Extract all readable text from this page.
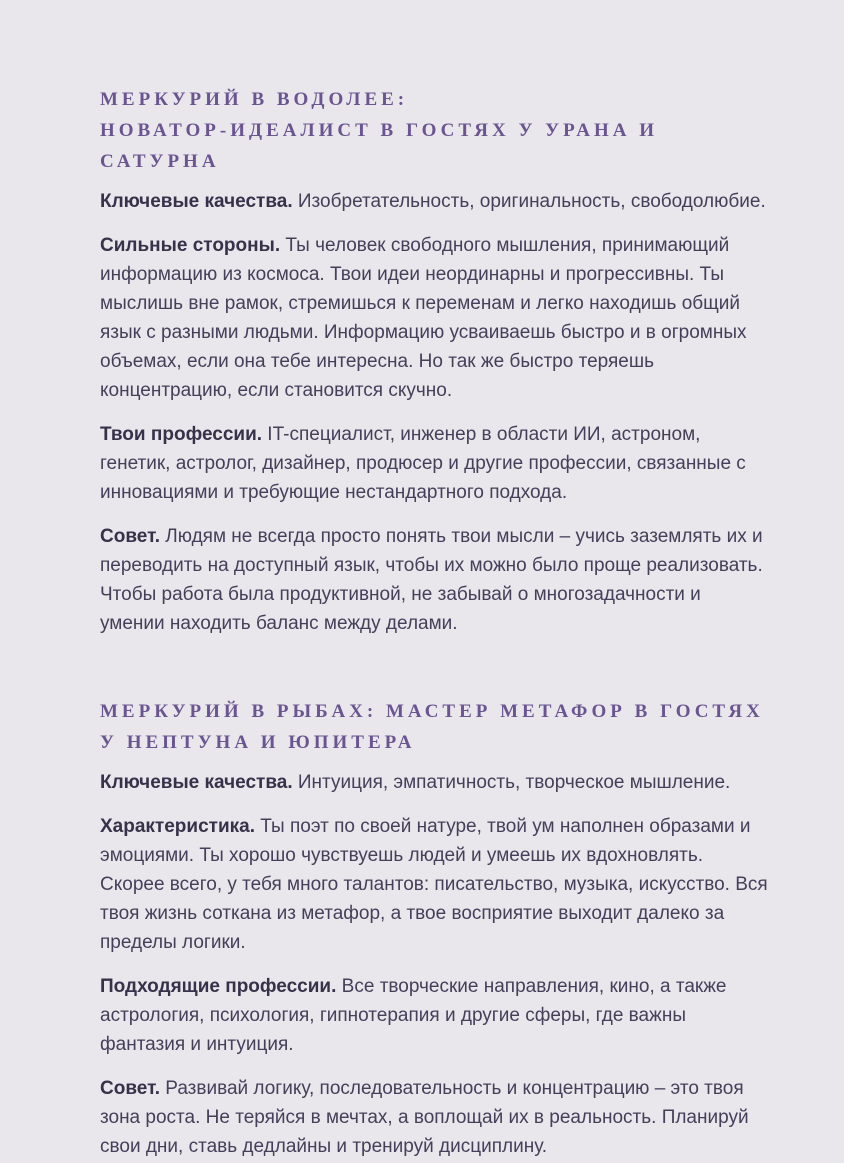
МЕРКУРИЙ В ВОДОЛЕЕ:
НОВАТОР-ИДЕАЛИСТ В ГОСТЯХ У УРАНА И САТУРНА

Ключевые качества. Изобретательность, оригинальность, свободолюбие.

Сильные стороны. Ты человек свободного мышления, принимающий информацию из космоса. Твои идеи неординарны и прогрессивны. Ты мыслишь вне рамок, стремишься к переменам и легко находишь общий язык с разными людьми. Информацию усваиваешь быстро и в огромных объемах, если она тебе интересна. Но так же быстро теряешь концентрацию, если становится скучно.

Твои профессии. IT-специалист, инженер в области ИИ, астроном, генетик, астролог, дизайнер, продюсер и другие профессии, связанные с инновациями и требующие нестандартного подхода.

Совет. Людям не всегда просто понять твои мысли – учись заземлять их и переводить на доступный язык, чтобы их можно было проще реализовать. Чтобы работа была продуктивной, не забывай о многозадачности и умении находить баланс между делами.

МЕРКУРИЙ В РЫБАХ: МАСТЕР МЕТАФОР В ГОСТЯХ
У НЕПТУНА И ЮПИТЕРА

Ключевые качества. Интуиция, эмпатичность, творческое мышление.

Характеристика. Ты поэт по своей натуре, твой ум наполнен образами и эмоциями. Ты хорошо чувствуешь людей и умеешь их вдохновлять. Скорее всего, у тебя много талантов: писательство, музыка, искусство. Вся твоя жизнь соткана из метафор, а твое восприятие выходит далеко за пределы логики.

Подходящие профессии. Все творческие направления, кино, а также астрология, психология, гипнотерапия и другие сферы, где важны фантазия и интуиция.

Совет. Развивай логику, последовательность и концентрацию – это твоя зона роста. Не теряйся в мечтах, а воплощай их в реальность. Планируй свои дни, ставь дедлайны и тренируй дисциплину.
